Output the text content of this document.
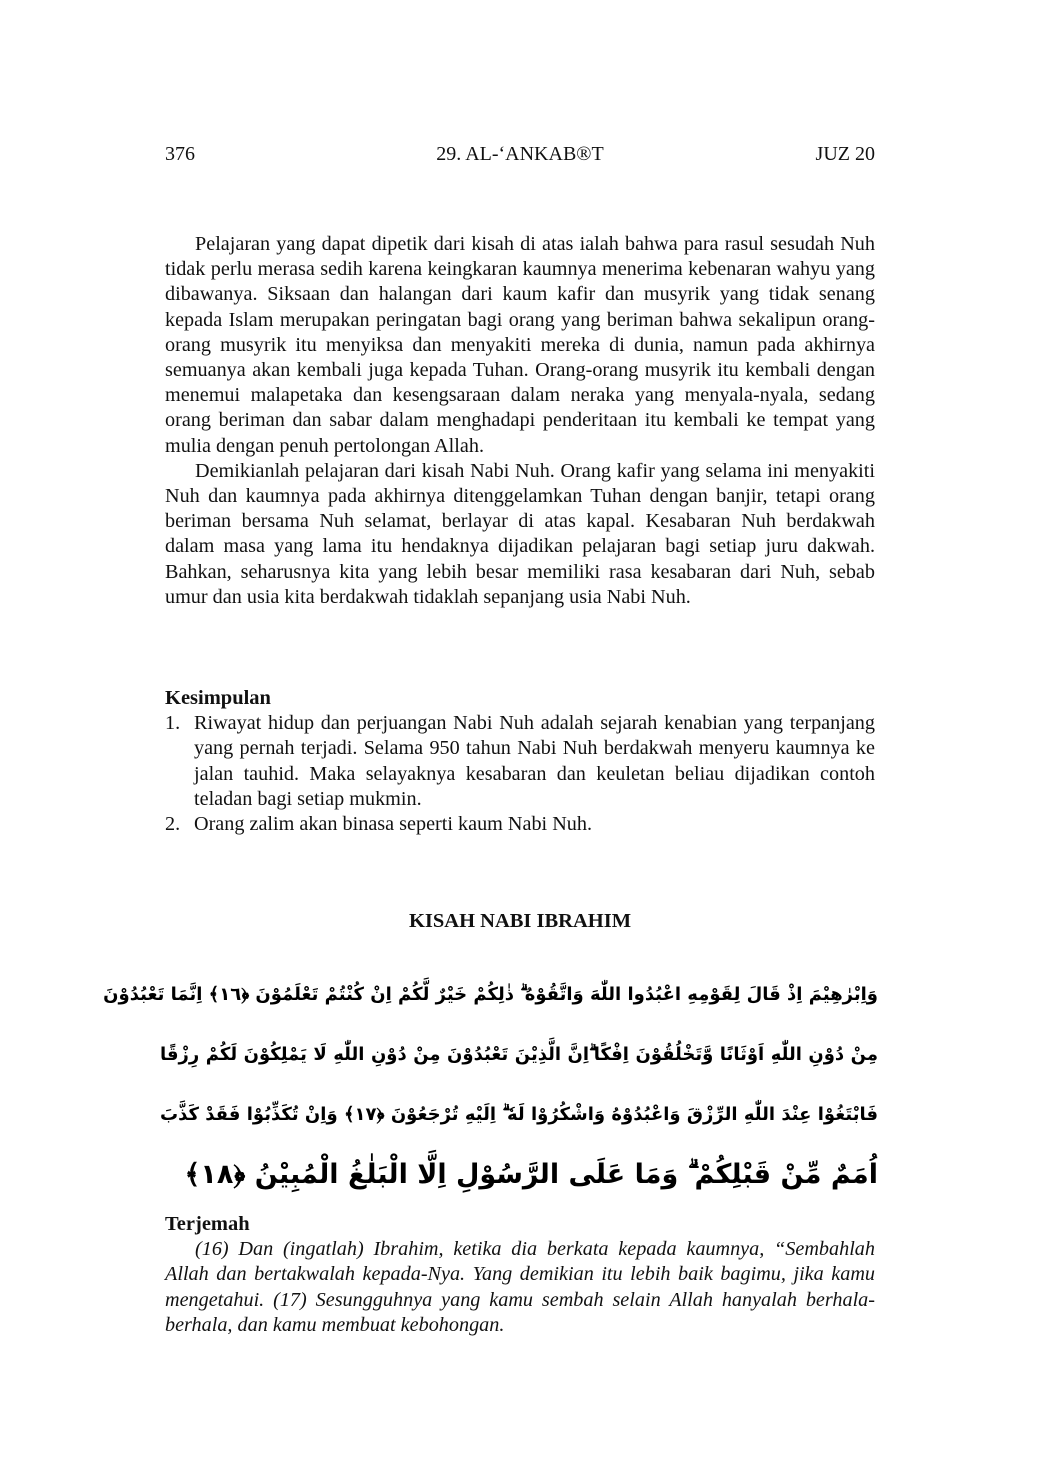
376	29. AL-‘ANKAB®T	JUZ 20

Pelajaran yang dapat dipetik dari kisah di atas ialah bahwa para rasul sesudah Nuh tidak perlu merasa sedih karena keingkaran kaumnya menerima kebenaran wahyu yang dibawanya. Siksaan dan halangan dari kaum kafir dan musyrik yang tidak senang kepada Islam merupakan peringatan bagi orang yang beriman bahwa sekalipun orang-orang musyrik itu menyiksa dan menyakiti mereka di dunia, namun pada akhirnya semuanya akan kembali juga kepada Tuhan. Orang-orang musyrik itu kembali dengan menemui malapetaka dan kesengsaraan dalam neraka yang menyala-nyala, sedang orang beriman dan sabar dalam menghadapi penderitaan itu kembali ke tempat yang mulia dengan penuh pertolongan Allah.

Demikianlah pelajaran dari kisah Nabi Nuh. Orang kafir yang selama ini menyakiti Nuh dan kaumnya pada akhirnya ditenggelamkan Tuhan dengan banjir, tetapi orang beriman bersama Nuh selamat, berlayar di atas kapal. Kesabaran Nuh berdakwah dalam masa yang lama itu hendaknya dijadikan pelajaran bagi setiap juru dakwah. Bahkan, seharusnya kita yang lebih besar memiliki rasa kesabaran dari Nuh, sebab umur dan usia kita berdakwah tidaklah sepanjang usia Nabi Nuh.

Kesimpulan

1. Riwayat hidup dan perjuangan Nabi Nuh adalah sejarah kenabian yang terpanjang yang pernah terjadi. Selama 950 tahun Nabi Nuh berdakwah menyeru kaumnya ke jalan tauhid. Maka selayaknya kesabaran dan keuletan beliau dijadikan contoh teladan bagi setiap mukmin.
2. Orang zalim akan binasa seperti kaum Nabi Nuh.
KISAH NABI IBRAHIM
وَاِبْرٰهِيْمَ اِذْ قَالَ لِقَوْمِهِ اعْبُدُوا اللّٰهَ وَاتَّقُوْهُ ۗ ذٰلِكُمْ خَيْرٌ لَّكُمْ اِنْ كُنْتُمْ تَعْلَمُوْنَ ﴿١٦﴾ اِنَّمَا تَعْبُدُوْنَ
مِنْ دُوْنِ اللّٰهِ اَوْثَانًا وَّتَخْلُقُوْنَ اِفْكًا ۗاِنَّ الَّذِيْنَ تَعْبُدُوْنَ مِنْ دُوْنِ اللّٰهِ لَا يَمْلِكُوْنَ لَكُمْ رِزْقًا
فَابْتَغُوْا عِنْدَ اللّٰهِ الرِّزْقَ وَاعْبُدُوْهُ وَاشْكُرُوْا لَهٗ ۗ اِلَيْهِ تُرْجَعُوْنَ ﴿١٧﴾ وَاِنْ تُكَذِّبُوْا فَقَدْ كَذَّبَ
اُمَمٌ مِّنْ قَبْلِكُمْ ۗ وَمَا عَلَى الرَّسُوْلِ اِلَّا الْبَلٰغُ الْمُبِيْنُ ﴿١٨﴾

Terjemah

(16) Dan (ingatlah) Ibrahim, ketika dia berkata kepada kaumnya, “Sembahlah Allah dan bertakwalah kepada-Nya. Yang demikian itu lebih baik bagimu, jika kamu mengetahui. (17) Sesungguhnya yang kamu sembah selain Allah hanyalah berhala-berhala, dan kamu membuat kebohongan.
